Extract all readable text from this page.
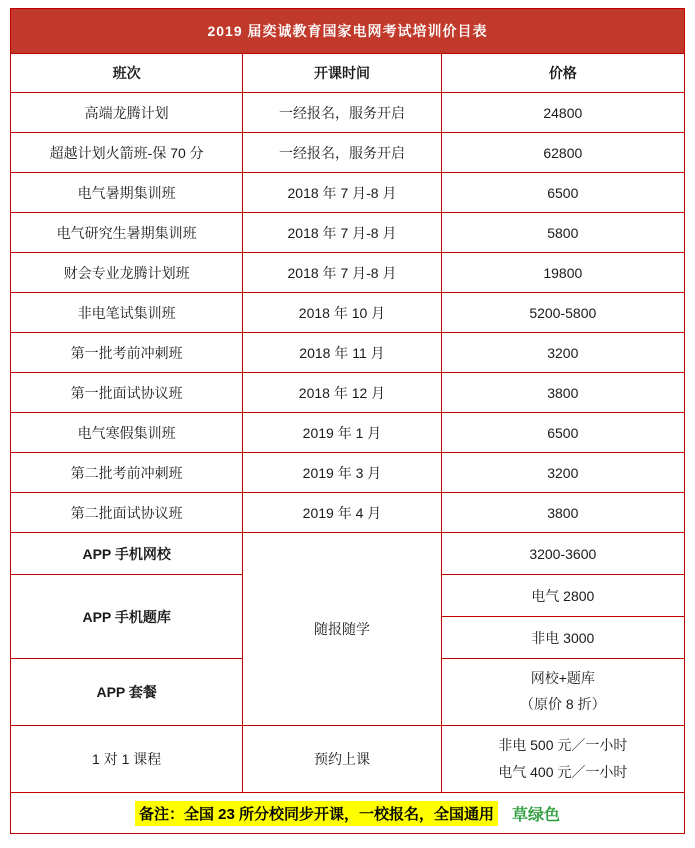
2019 届奕诚教育国家电网考试培训价目表		
班次	开课时间	价格
高端龙腾计划	一经报名，服务开启	24800
超越计划火箭班-保 70 分	一经报名，服务开启	62800
电气暑期集训班	2018 年 7 月-8 月	6500
电气研究生暑期集训班	2018 年 7 月-8 月	5800
财会专业龙腾计划班	2018 年 7 月-8 月	19800
非电笔试集训班	2018 年 10 月	5200-5800
第一批考前冲刺班	2018 年 11 月	3200
第一批面试协议班	2018 年 12 月	3800
电气寒假集训班	2019 年 1 月	6500
第二批考前冲刺班	2019 年 3 月	3200
第二批面试协议班	2019 年 4 月	3800
APP 手机网校	随报随学	3200-3600
APP 手机题库		电气 2800
		非电 3000
APP 套餐		网校+题库
（原价 8 折）

1 对 1 课程	预约上课	非电 500 元／一小时
电气 400 元／一小时

备注：全国 23 所分校同步开课，一校报名，全国通用 草绿色		
